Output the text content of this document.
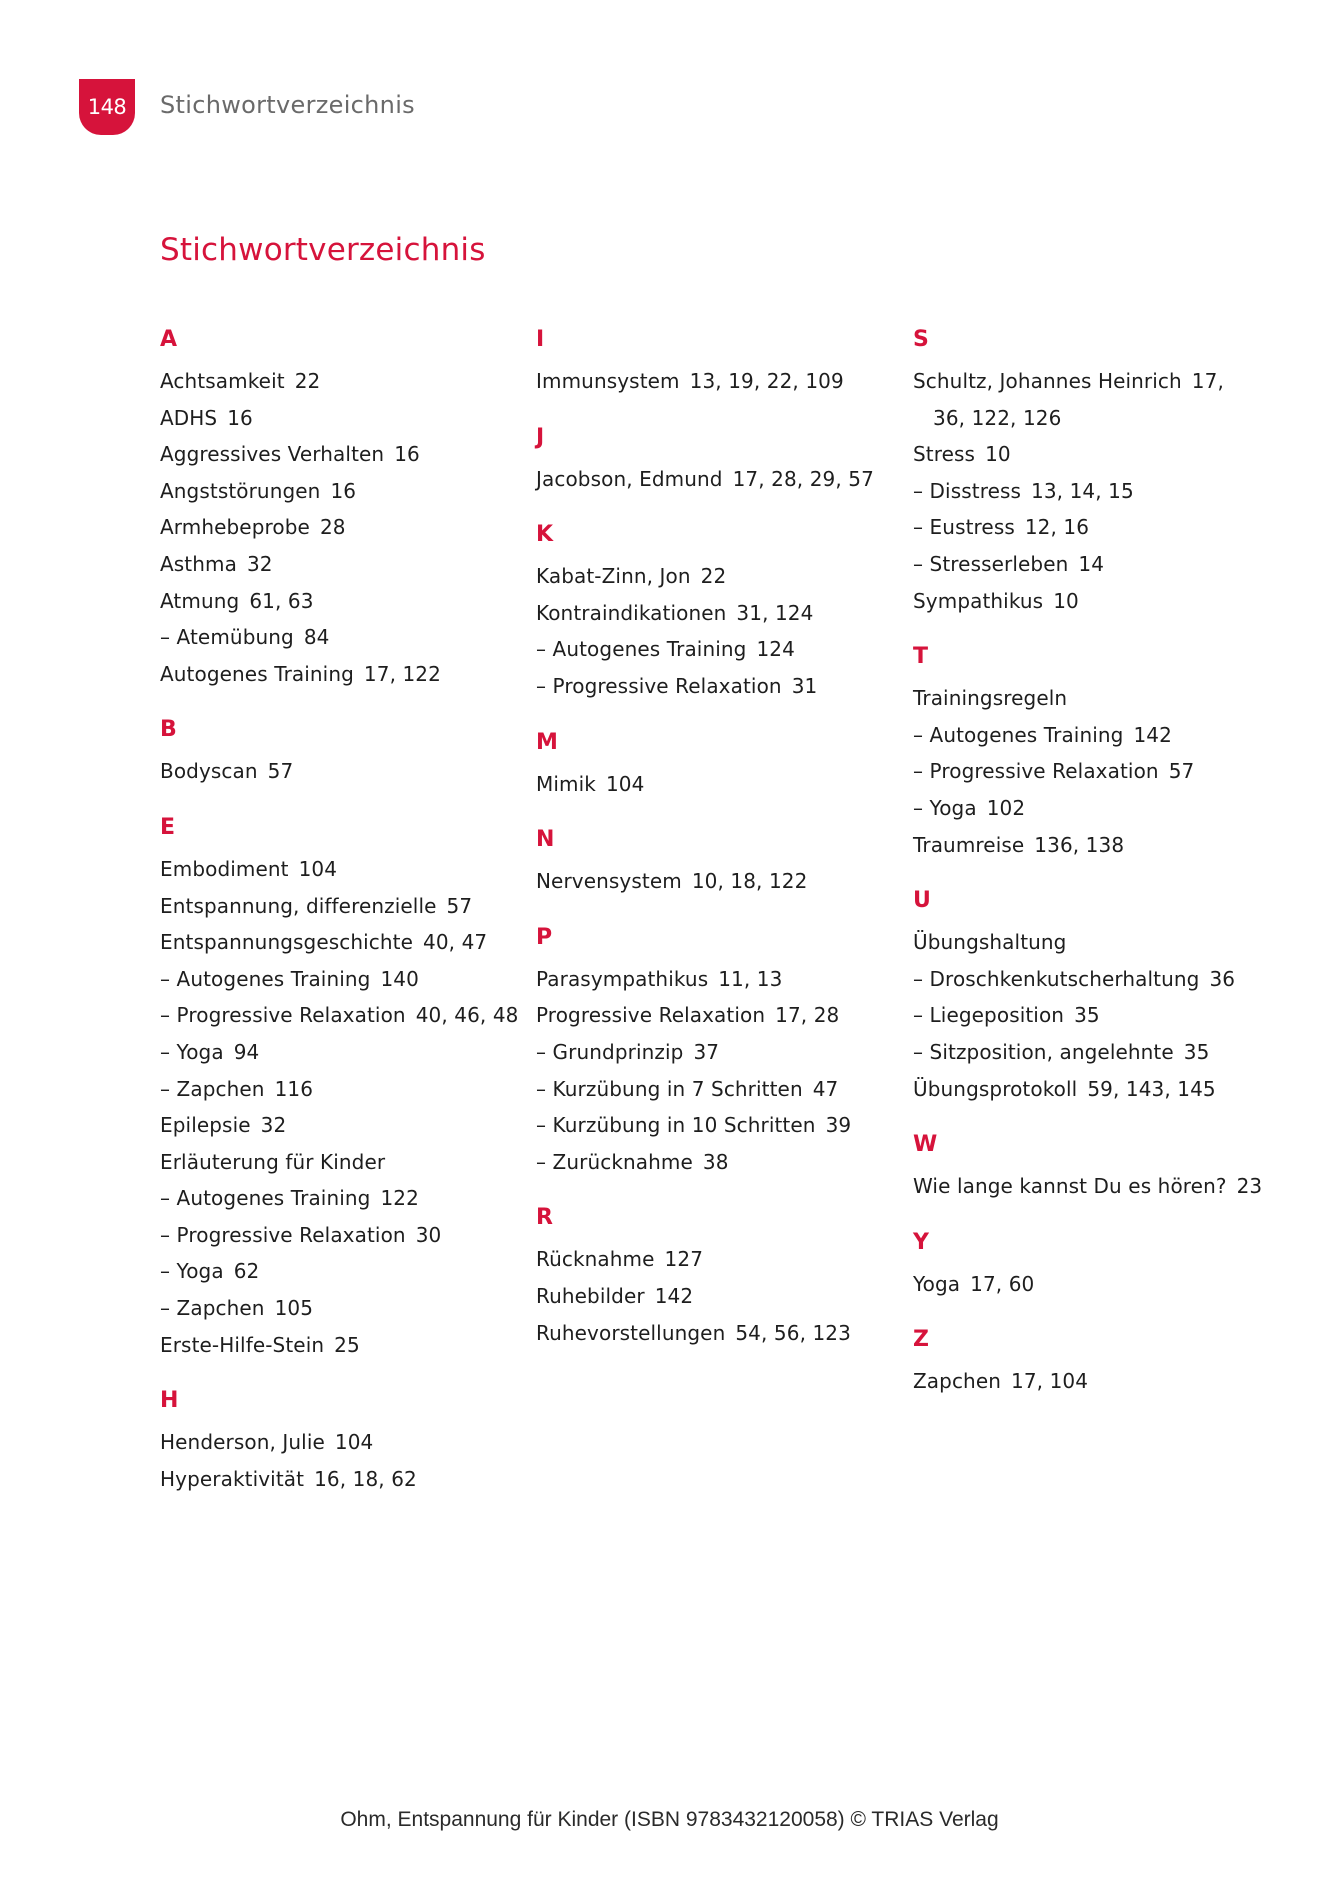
148	Stichwortverzeichnis
Stichwortverzeichnis
A
Achtsamkeit 22
ADHS 16
Aggressives Verhalten 16
Angststörungen 16
Armhebeprobe 28
Asthma 32
Atmung 61, 63
– Atemübung 84
Autogenes Training 17, 122
B
Bodyscan 57
E
Embodiment 104
Entspannung, differenzielle 57
Entspannungsgeschichte 40, 47
– Autogenes Training 140
– Progressive Relaxation 40, 46, 48
– Yoga 94
– Zapchen 116
Epilepsie 32
Erläuterung für Kinder
– Autogenes Training 122
– Progressive Relaxation 30
– Yoga 62
– Zapchen 105
Erste-Hilfe-Stein 25
H
Henderson, Julie 104
Hyperaktivität 16, 18, 62
I
Immunsystem 13, 19, 22, 109
J
Jacobson, Edmund 17, 28, 29, 57
K
Kabat-Zinn, Jon 22
Kontraindikationen 31, 124
– Autogenes Training 124
– Progressive Relaxation 31
M
Mimik 104
N
Nervensystem 10, 18, 122
P
Parasympathikus 11, 13
Progressive Relaxation 17, 28
– Grundprinzip 37
– Kurzübung in 7 Schritten 47
– Kurzübung in 10 Schritten 39
– Zurücknahme 38
R
Rücknahme 127
Ruhebilder 142
Ruhevorstellungen 54, 56, 123
S
Schultz, Johannes Heinrich 17,
36, 122, 126
Stress 10
– Disstress 13, 14, 15
– Eustress 12, 16
– Stresserleben 14
Sympathikus 10
T
Trainingsregeln
– Autogenes Training 142
– Progressive Relaxation 57
– Yoga 102
Traumreise 136, 138
U
Übungshaltung
– Droschkenkutscherhaltung 36
– Liegeposition 35
– Sitzposition, angelehnte 35
Übungsprotokoll 59, 143, 145
W
Wie lange kannst Du es hören? 23
Y
Yoga 17, 60
Z
Zapchen 17, 104
Ohm, Entspannung für Kinder (ISBN 9783432120058) © TRIAS Verlag
